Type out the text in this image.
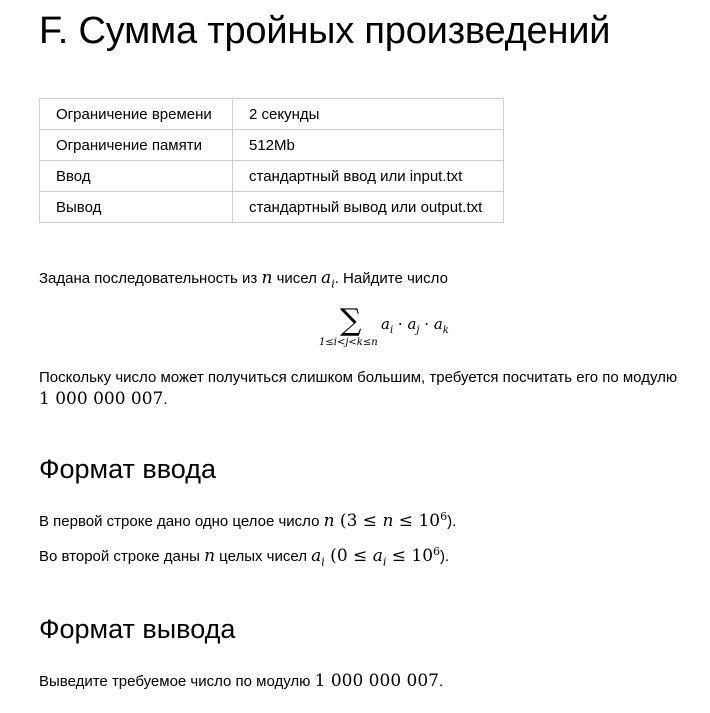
F. Сумма тройных произведений
Ограничение времени	2 секунды
Ограничение памяти	512Mb
Ввод	стандартный ввод или input.txt
Вывод	стандартный вывод или output.txt
Задана последовательность из n чисел $a_i$. Найдите число
∑
1≤i<j<k≤n
$a_i \cdot a_j \cdot a_k$
Поскольку число может получиться слишком большим, требуется посчитать его по модулю
1 000 000 007.
Формат ввода
В первой строке дано одно целое число n $(3 \le n \le 10^6)$.
Во второй строке даны n целых чисел $a_i$ $(0 \le a_i \le 10^6)$.
Формат вывода
Выведите требуемое число по модулю 1 000 000 007.
